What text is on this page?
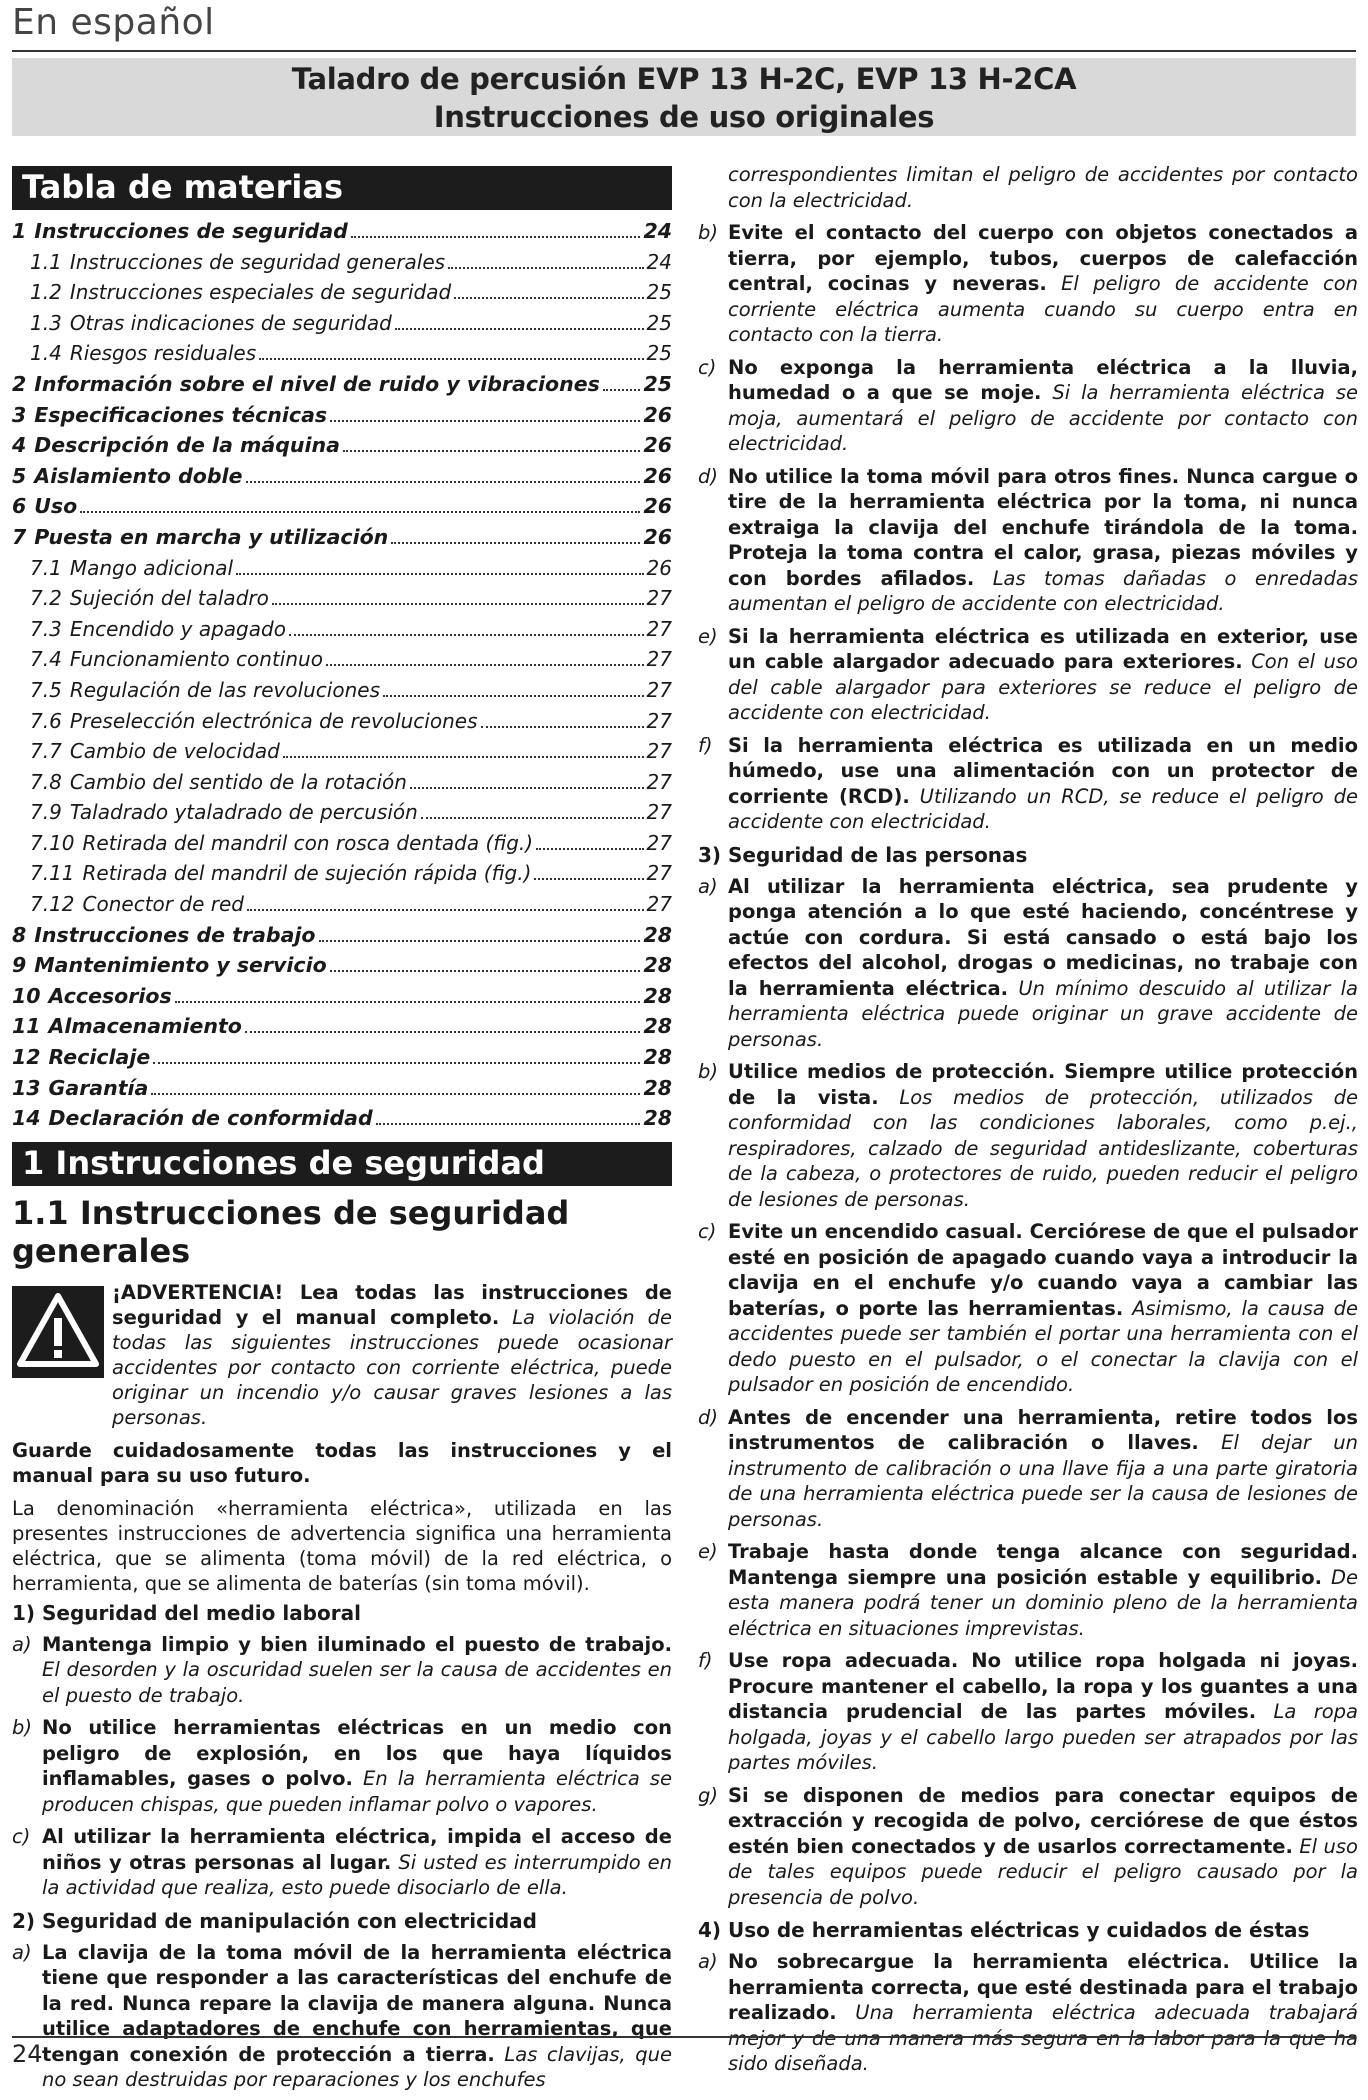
En español
Taladro de percusión EVP 13 H-2C, EVP 13 H-2CA
Instrucciones de uso originales
Tabla de materias
1 Instrucciones de seguridad	24
1.1 Instrucciones de seguridad generales	24
1.2 Instrucciones especiales de seguridad	25
1.3 Otras indicaciones de seguridad	25
1.4 Riesgos residuales	25
2 Información sobre el nivel de ruido y vibraciones 25
3 Especificaciones técnicas	26
4 Descripción de la máquina	26
5 Aislamiento doble	26
6 Uso	26
7 Puesta en marcha y utilización	26
7.1 Mango adicional	26
7.2 Sujeción del taladro	27
7.3 Encendido y apagado	27
7.4 Funcionamiento continuo	27
7.5 Regulación de las revoluciones	27
7.6 Preselección electrónica de revoluciones	27
7.7 Cambio de velocidad	27
7.8 Cambio del sentido de la rotación	27
7.9 Taladrado ytaladrado de percusión	27
7.10 Retirada del mandril con rosca dentada (fig.)	27
7.11 Retirada del mandril de sujeción rápida (fig.)	27
7.12 Conector de red	27
8 Instrucciones de trabajo	28
9 Mantenimiento y servicio	28
10 Accesorios	28
11 Almacenamiento	28
12 Reciclaje	28
13 Garantía	28
14 Declaración de conformidad	28
1 Instrucciones de seguridad
1.1 Instrucciones de seguridad generales
¡ADVERTENCIA! Lea todas las instrucciones de seguridad y el manual completo. La violación de todas las siguientes instrucciones puede ocasionar accidentes por contacto con corriente eléctrica, puede originar un incendio y/o causar graves lesiones a las personas.

Guarde cuidadosamente todas las instrucciones y el manual para su uso futuro.

La denominación «herramienta eléctrica», utilizada en las presentes instrucciones de advertencia significa una herramienta eléctrica, que se alimenta (toma móvil) de la red eléctrica, o herramienta, que se alimenta de baterías (sin toma móvil).

1) Seguridad del medio laboral
a) Mantenga limpio y bien iluminado el puesto de trabajo. El desorden y la oscuridad suelen ser la causa de accidentes en el puesto de trabajo.
b) No utilice herramientas eléctricas en un medio con peligro de explosión, en los que haya líquidos inflamables, gases o polvo. En la herramienta eléctrica se producen chispas, que pueden inflamar polvo o vapores.
c) Al utilizar la herramienta eléctrica, impida el acceso de niños y otras personas al lugar. Si usted es interrumpido en la actividad que realiza, esto puede disociarlo de ella.
2) Seguridad de manipulación con electricidad
a) La clavija de la toma móvil de la herramienta eléctrica tiene que responder a las características del enchufe de la red. Nunca repare la clavija de manera alguna. Nunca utilice adaptadores de enchufe con herramientas, que tengan conexión de protección a tierra. Las clavijas, que no sean destruidas por reparaciones y los enchufes
correspondientes limitan el peligro de accidentes por contacto con la electricidad.
b) Evite el contacto del cuerpo con objetos conectados a tierra, por ejemplo, tubos, cuerpos de calefacción central, cocinas y neveras. El peligro de accidente con corriente eléctrica aumenta cuando su cuerpo entra en contacto con la tierra.
c) No exponga la herramienta eléctrica a la lluvia, humedad o a que se moje. Si la herramienta eléctrica se moja, aumentará el peligro de accidente por contacto con electricidad.
d) No utilice la toma móvil para otros fines. Nunca cargue o tire de la herramienta eléctrica por la toma, ni nunca extraiga la clavija del enchufe tirándola de la toma. Proteja la toma contra el calor, grasa, piezas móviles y con bordes afilados. Las tomas dañadas o enredadas aumentan el peligro de accidente con electricidad.
e) Si la herramienta eléctrica es utilizada en exterior, use un cable alargador adecuado para exteriores. Con el uso del cable alargador para exteriores se reduce el peligro de accidente con electricidad.
f) Si la herramienta eléctrica es utilizada en un medio húmedo, use una alimentación con un protector de corriente (RCD). Utilizando un RCD, se reduce el peligro de accidente con electricidad.
3) Seguridad de las personas
a) Al utilizar la herramienta eléctrica, sea prudente y ponga atención a lo que esté haciendo, concéntrese y actúe con cordura. Si está cansado o está bajo los efectos del alcohol, drogas o medicinas, no trabaje con la herramienta eléctrica. Un mínimo descuido al utilizar la herramienta eléctrica puede originar un grave accidente de personas.
b) Utilice medios de protección. Siempre utilice protección de la vista. Los medios de protección, utilizados de conformidad con las condiciones laborales, como p.ej., respiradores, calzado de seguridad antideslizante, coberturas de la cabeza, o protectores de ruido, pueden reducir el peligro de lesiones de personas.
c) Evite un encendido casual. Cerciórese de que el pulsador esté en posición de apagado cuando vaya a introducir la clavija en el enchufe y/o cuando vaya a cambiar las baterías, o porte las herramientas. Asimismo, la causa de accidentes puede ser también el portar una herramienta con el dedo puesto en el pulsador, o el conectar la clavija con el pulsador en posición de encendido.
d) Antes de encender una herramienta, retire todos los instrumentos de calibración o llaves. El dejar un instrumento de calibración o una llave fija a una parte giratoria de una herramienta eléctrica puede ser la causa de lesiones de personas.
e) Trabaje hasta donde tenga alcance con seguridad. Mantenga siempre una posición estable y equilibrio. De esta manera podrá tener un dominio pleno de la herramienta eléctrica en situaciones imprevistas.
f) Use ropa adecuada. No utilice ropa holgada ni joyas. Procure mantener el cabello, la ropa y los guantes a una distancia prudencial de las partes móviles. La ropa holgada, joyas y el cabello largo pueden ser atrapados por las partes móviles.
g) Si se disponen de medios para conectar equipos de extracción y recogida de polvo, cerciórese de que éstos estén bien conectados y de usarlos correctamente. El uso de tales equipos puede reducir el peligro causado por la presencia de polvo.
4) Uso de herramientas eléctricas y cuidados de éstas
a) No sobrecargue la herramienta eléctrica. Utilice la herramienta correcta, que esté destinada para el trabajo realizado. Una herramienta eléctrica adecuada trabajará mejor y de una manera más segura en la labor para la que ha sido diseñada.
24
